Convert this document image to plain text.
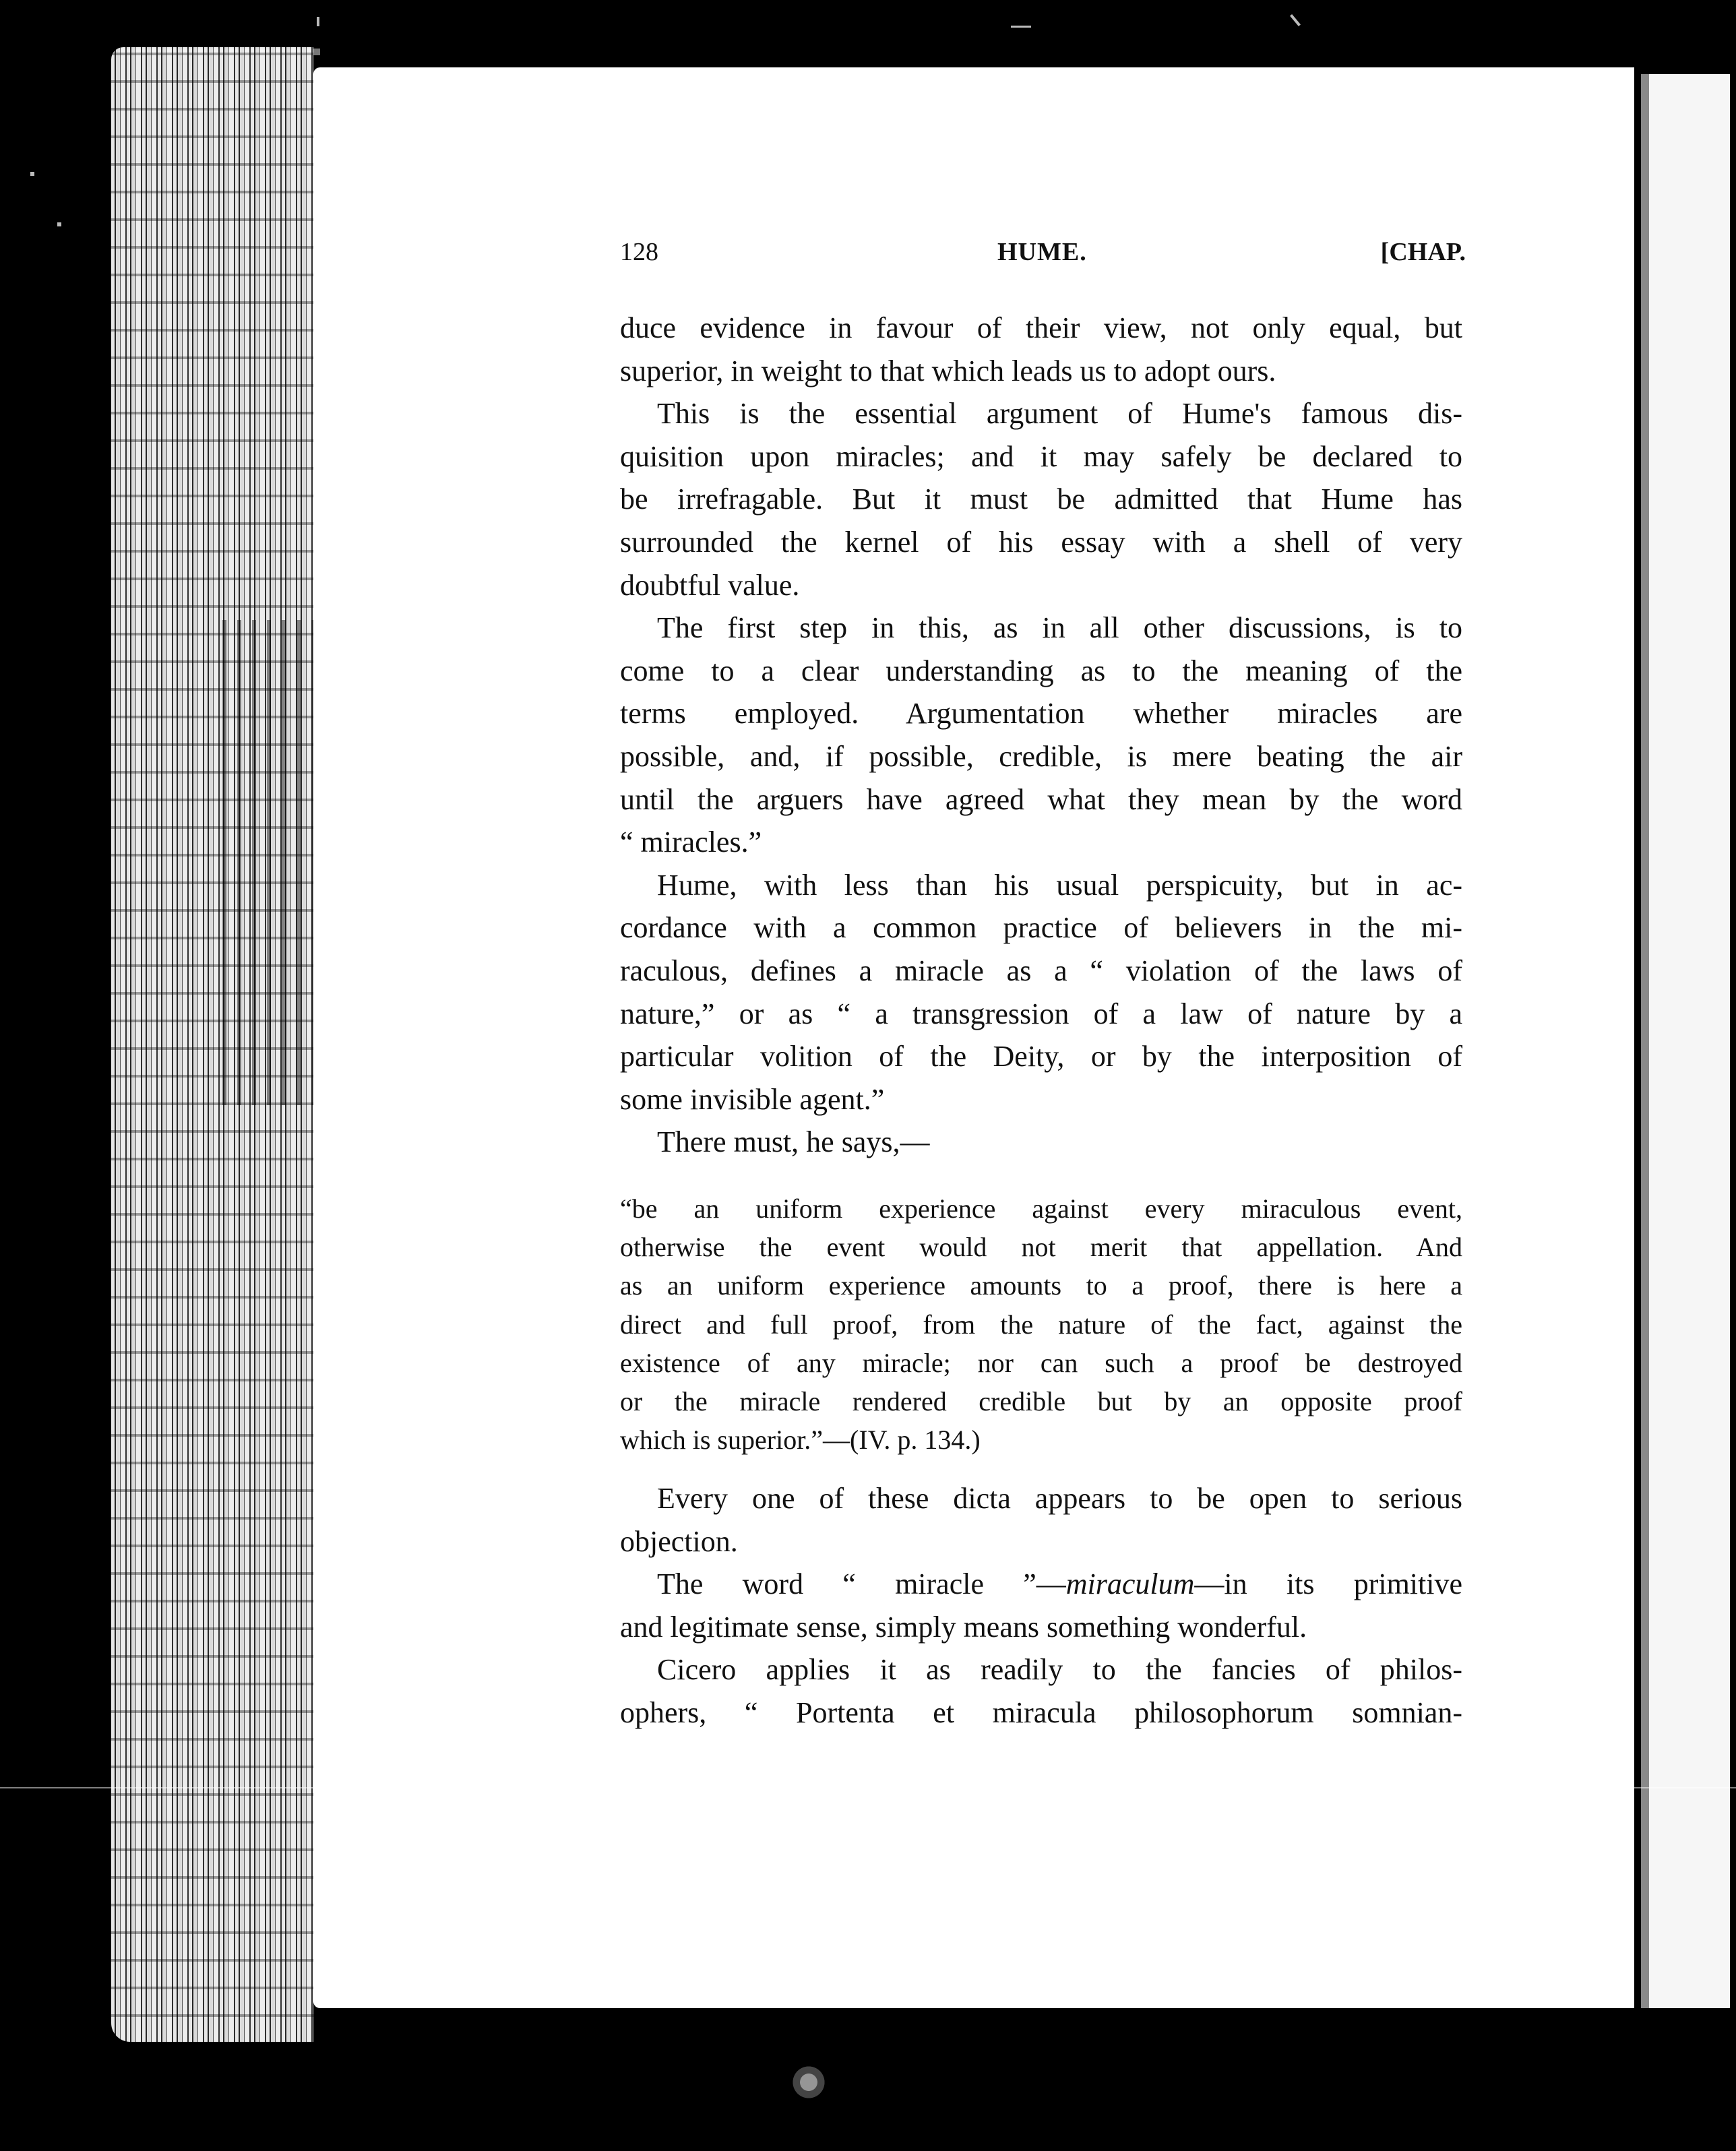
128	HUME.	[CHAP.
duce evidence in favour of their view, not only equal, but
superior, in weight to that which leads us to adopt ours.
This is the essential argument of Hume's famous dis-
quisition upon miracles; and it may safely be declared to
be irrefragable. But it must be admitted that Hume has
surrounded the kernel of his essay with a shell of very
doubtful value.
The first step in this, as in all other discussions, is to
come to a clear understanding as to the meaning of the
terms employed. Argumentation whether miracles are
possible, and, if possible, credible, is mere beating the air
until the arguers have agreed what they mean by the word
“ miracles.”
Hume, with less than his usual perspicuity, but in ac-
cordance with a common practice of believers in the mi-
raculous, defines a miracle as a “ violation of the laws of
nature,” or as “ a transgression of a law of nature by a
particular volition of the Deity, or by the interposition of
some invisible agent.”
There must, he says,—
“be an uniform experience against every miraculous event,
otherwise the event would not merit that appellation. And
as an uniform experience amounts to a proof, there is here a
direct and full proof, from the nature of the fact, against the
existence of any miracle; nor can such a proof be destroyed
or the miracle rendered credible but by an opposite proof
which is superior.”—(IV. p. 134.)
Every one of these dicta appears to be open to serious
objection.
The word “ miracle ”—miraculum—in its primitive
and legitimate sense, simply means something wonderful.
Cicero applies it as readily to the fancies of philos-
ophers, “ Portenta et miracula philosophorum somnian-
